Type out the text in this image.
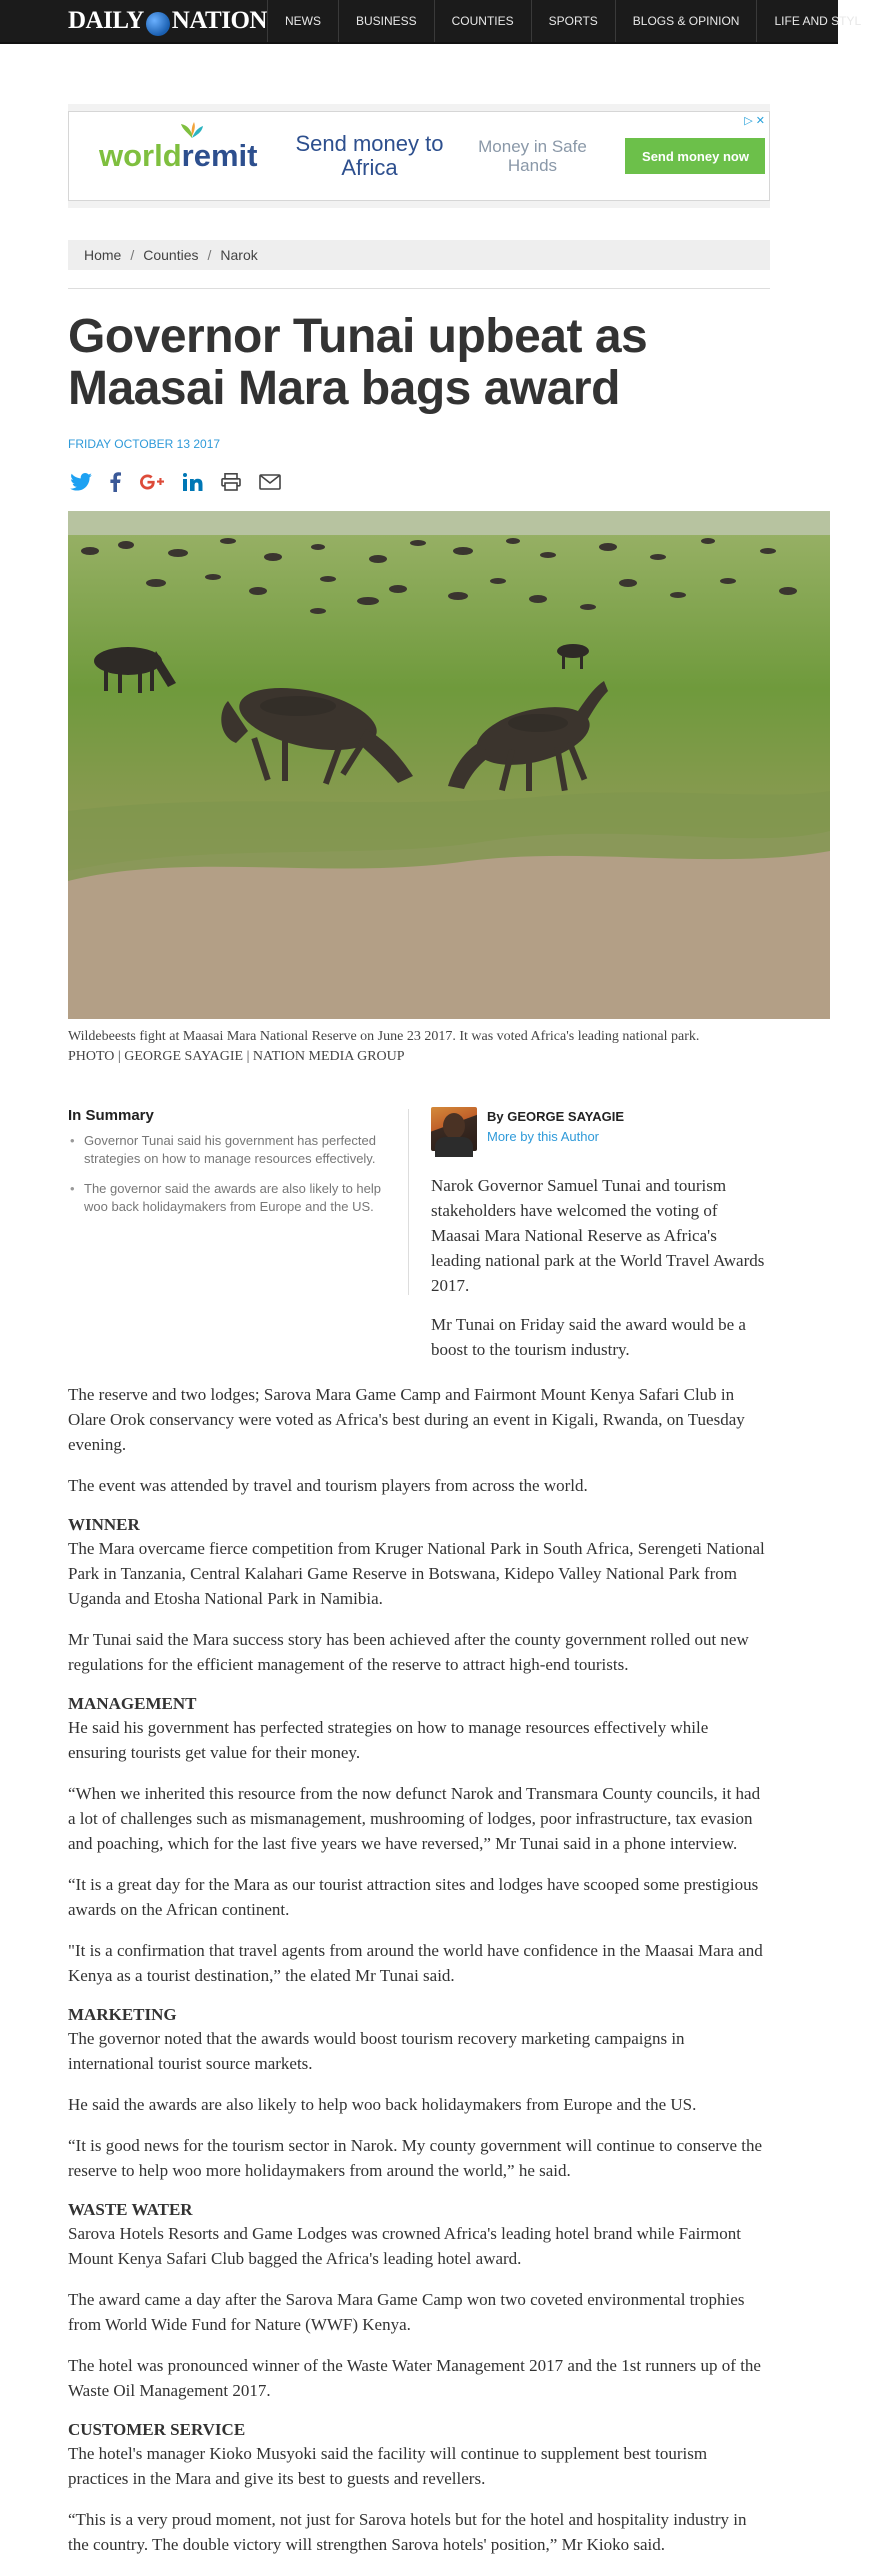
DAILY NATION	NEWS	BUSINESS	COUNTIES	SPORTS	BLOGS & OPINION	LIFE AND STYL
worldremit	Send money to Africa
Money in Safe Hands	Send money now
▷ ✕
Home / Counties / Narok
Governor Tunai upbeat as Maasai Mara bags award
FRIDAY OCTOBER 13 2017
Wildebeests fight at Maasai Mara National Reserve on June 23 2017. It was voted Africa's leading national park.
PHOTO | GEORGE SAYAGIE | NATION MEDIA GROUP
In Summary
• Governor Tunai said his government has perfected strategies on how to manage resources effectively.
• The governor said the awards are also likely to help woo back holidaymakers from Europe and the US.
By GEORGE SAYAGIE
More by this Author

Narok Governor Samuel Tunai and tourism stakeholders have welcomed the voting of Maasai Mara National Reserve as Africa's leading national park at the World Travel Awards 2017.

Mr Tunai on Friday said the award would be a boost to the tourism industry.

The reserve and two lodges; Sarova Mara Game Camp and Fairmont Mount Kenya Safari Club in Olare Orok conservancy were voted as Africa's best during an event in Kigali, Rwanda, on Tuesday evening.

The event was attended by travel and tourism players from across the world.

WINNER

The Mara overcame fierce competition from Kruger National Park in South Africa, Serengeti National Park in Tanzania, Central Kalahari Game Reserve in Botswana, Kidepo Valley National Park from Uganda and Etosha National Park in Namibia.

Mr Tunai said the Mara success story has been achieved after the county government rolled out new regulations for the efficient management of the reserve to attract high-end tourists.

MANAGEMENT

He said his government has perfected strategies on how to manage resources effectively while ensuring tourists get value for their money.

“When we inherited this resource from the now defunct Narok and Transmara County councils, it had a lot of challenges such as mismanagement, mushrooming of lodges, poor infrastructure, tax evasion and poaching, which for the last five years we have reversed,” Mr Tunai said in a phone interview.

“It is a great day for the Mara as our tourist attraction sites and lodges have scooped some prestigious awards on the African continent.

"It is a confirmation that travel agents from around the world have confidence in the Maasai Mara and Kenya as a tourist destination,” the elated Mr Tunai said.

MARKETING

The governor noted that the awards would boost tourism recovery marketing campaigns in international tourist source markets.

He said the awards are also likely to help woo back holidaymakers from Europe and the US.

“It is good news for the tourism sector in Narok. My county government will continue to conserve the reserve to help woo more holidaymakers from around the world,” he said.

WASTE WATER

Sarova Hotels Resorts and Game Lodges was crowned Africa's leading hotel brand while Fairmont Mount Kenya Safari Club bagged the Africa's leading hotel award.

The award came a day after the Sarova Mara Game Camp won two coveted environmental trophies from World Wide Fund for Nature (WWF) Kenya.

The hotel was pronounced winner of the Waste Water Management 2017 and the 1st runners up of the Waste Oil Management 2017.

CUSTOMER SERVICE

The hotel's manager Kioko Musyoki said the facility will continue to supplement best tourism practices in the Mara and give its best to guests and revellers.

“This is a very proud moment, not just for Sarova hotels but for the hotel and hospitality industry in the country. The double victory will strengthen Sarova hotels' position,” Mr Kioko said.
